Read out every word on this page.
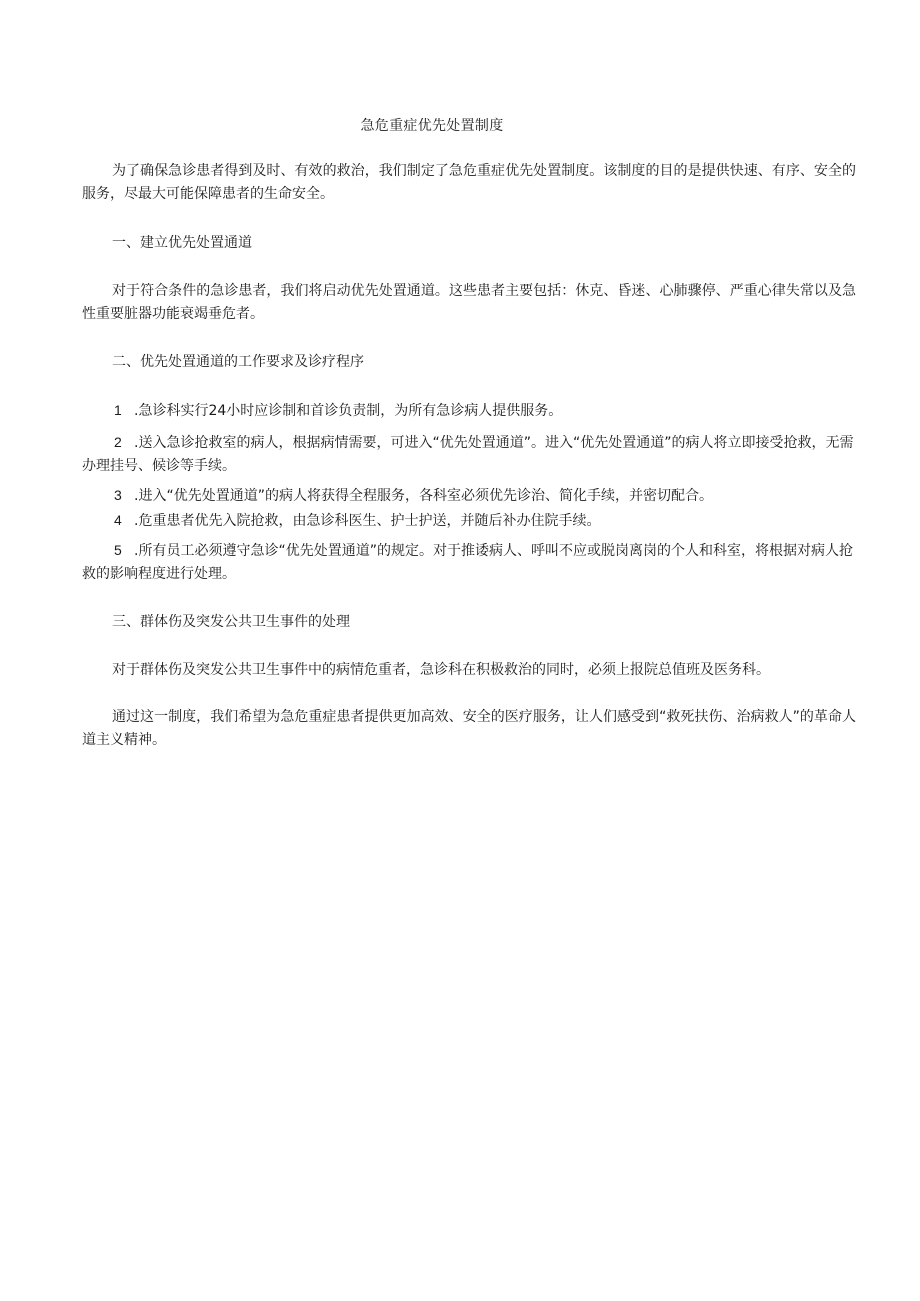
急危重症优先处置制度

为了确保急诊患者得到及时、有效的救治，我们制定了急危重症优先处置制度。该制度的目的是提供快速、有序、安全的服务，尽最大可能保障患者的生命安全。

一、建立优先处置通道

对于符合条件的急诊患者，我们将启动优先处置通道。这些患者主要包括：休克、昏迷、心肺骤停、严重心律失常以及急性重要脏器功能衰竭垂危者。

二、优先处置通道的工作要求及诊疗程序

1 .急诊科实行24小时应诊制和首诊负责制，为所有急诊病人提供服务。
2 .送入急诊抢救室的病人，根据病情需要，可进入“优先处置通道”。进入“优先处置通道”的病人将立即接受抢救，无需办理挂号、候诊等手续。
3 .进入“优先处置通道”的病人将获得全程服务，各科室必须优先诊治、简化手续，并密切配合。
4 .危重患者优先入院抢救，由急诊科医生、护士护送，并随后补办住院手续。
5 .所有员工必须遵守急诊“优先处置通道”的规定。对于推诿病人、呼叫不应或脱岗离岗的个人和科室，将根据对病人抢救的影响程度进行处理。

三、群体伤及突发公共卫生事件的处理

对于群体伤及突发公共卫生事件中的病情危重者，急诊科在积极救治的同时，必须上报院总值班及医务科。

通过这一制度，我们希望为急危重症患者提供更加高效、安全的医疗服务，让人们感受到“救死扶伤、治病救人”的革命人道主义精神。
